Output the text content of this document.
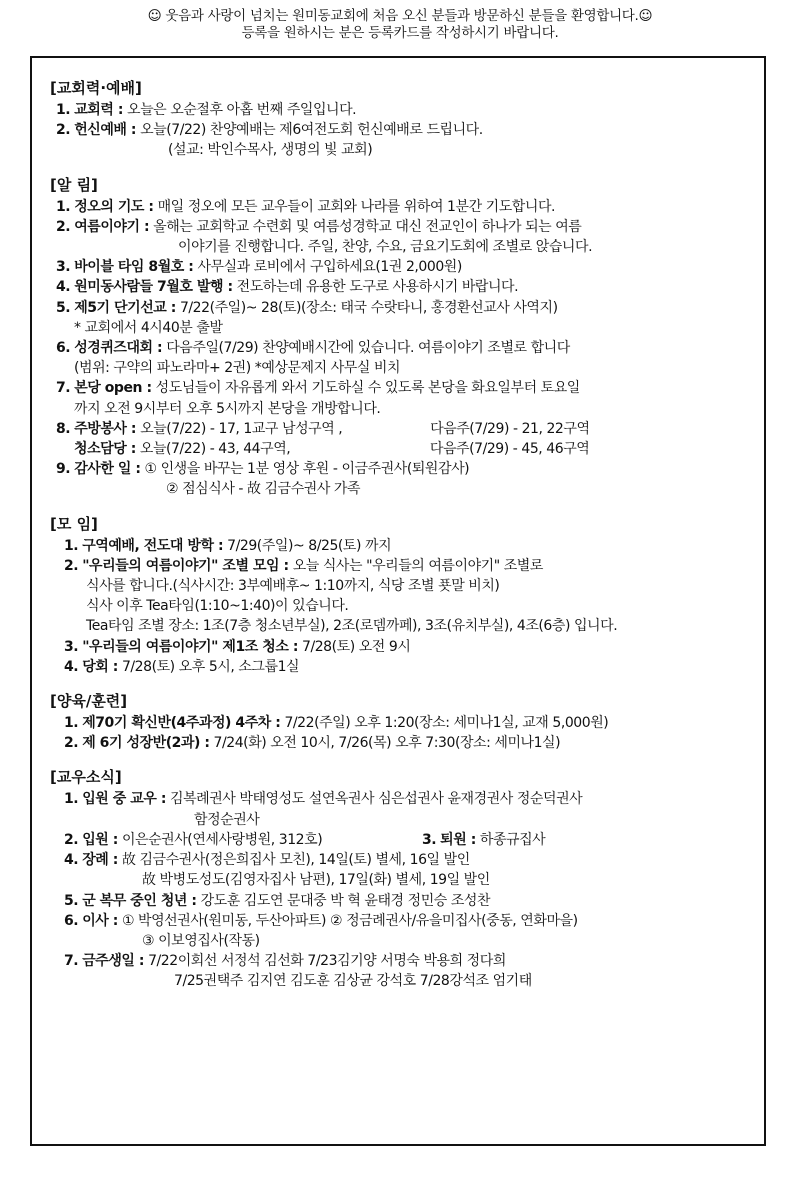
☺ 웃음과 사랑이 넘치는 원미동교회에 처음 오신 분들과 방문하신 분들을 환영합니다.☺
등록을 원하시는 분은 등록카드를 작성하시기 바랍니다.
[교회력·예배]
1. 교회력 : 오늘은 오순절후 아홉 번째 주일입니다.
2. 헌신예배 : 오늘(7/22) 찬양예배는 제6여전도회 헌신예배로 드립니다.
(설교: 박인수목사, 생명의 빛 교회)
[알 림]
1. 정오의 기도 : 매일 정오에 모든 교우들이 교회와 나라를 위하여 1분간 기도합니다.
2. 여름이야기 : 올해는 교회학교 수련회 및 여름성경학교 대신 전교인이 하나가 되는 여름
이야기를 진행합니다. 주일, 찬양, 수요, 금요기도회에 조별로 앉습니다.
3. 바이블 타임 8월호 : 사무실과 로비에서 구입하세요(1권 2,000원)
4. 원미동사람들 7월호 발행 : 전도하는데 유용한 도구로 사용하시기 바랍니다.
5. 제5기 단기선교 : 7/22(주일)~ 28(토)(장소: 태국 수랏타니, 홍경환선교사 사역지)
* 교회에서 4시40분 출발
6. 성경퀴즈대회 : 다음주일(7/29) 찬양예배시간에 있습니다. 여름이야기 조별로 합니다
(범위: 구약의 파노라마+ 2권) *예상문제지 사무실 비치
7. 본당 open : 성도님들이 자유롭게 와서 기도하실 수 있도록 본당을 화요일부터 토요일
까지 오전 9시부터 오후 5시까지 본당을 개방합니다.
8. 주방봉사 : 오늘(7/22) - 17, 1교구 남성구역 ,	다음주(7/29) - 21, 22구역
청소담당 : 오늘(7/22) - 43, 44구역,	다음주(7/29) - 45, 46구역
9. 감사한 일 : ① 인생을 바꾸는 1분 영상 후원 - 이금주권사(퇴원감사)
② 점심식사 - 故 김금수권사 가족
[모 임]
1. 구역예배, 전도대 방학 : 7/29(주일)~ 8/25(토) 까지
2. "우리들의 여름이야기" 조별 모임 : 오늘 식사는 "우리들의 여름이야기" 조별로
식사를 합니다.(식사시간: 3부예배후~ 1:10까지, 식당 조별 푯말 비치)
식사 이후 Tea타임(1:10~1:40)이 있습니다.
Tea타임 조별 장소: 1조(7층 청소년부실), 2조(로뎀까페), 3조(유치부실), 4조(6층) 입니다.
3. "우리들의 여름이야기" 제1조 청소 : 7/28(토) 오전 9시
4. 당회 : 7/28(토) 오후 5시, 소그룹1실
[양육/훈련]
1. 제70기 확신반(4주과정) 4주차 : 7/22(주일) 오후 1:20(장소: 세미나1실, 교재 5,000원)
2. 제 6기 성장반(2과) : 7/24(화) 오전 10시, 7/26(목) 오후 7:30(장소: 세미나1실)
[교우소식]
1. 입원 중 교우 : 김복례권사 박태영성도 설연옥권사 심은섭권사 윤재경권사 정순덕권사
함정순권사
2. 입원 : 이은순권사(연세사랑병원, 312호)	3. 퇴원 : 하종규집사
4. 장례 : 故 김금수권사(정은희집사 모친), 14일(토) 별세, 16일 발인
故 박병도성도(김영자집사 남편), 17일(화) 별세, 19일 발인
5. 군 복무 중인 청년 : 강도훈 김도연 문대중 박 혁 윤태경 정민승 조성찬
6. 이사 : ① 박영선권사(원미동, 두산아파트) ② 정금례권사/유을미집사(중동, 연화마을)
③ 이보영집사(작동)
7. 금주생일 : 7/22이회선 서정석 김선화 7/23김기양 서명숙 박용희 정다희
7/25권택주 김지연 김도훈 김상균 강석호 7/28강석조 엄기태
